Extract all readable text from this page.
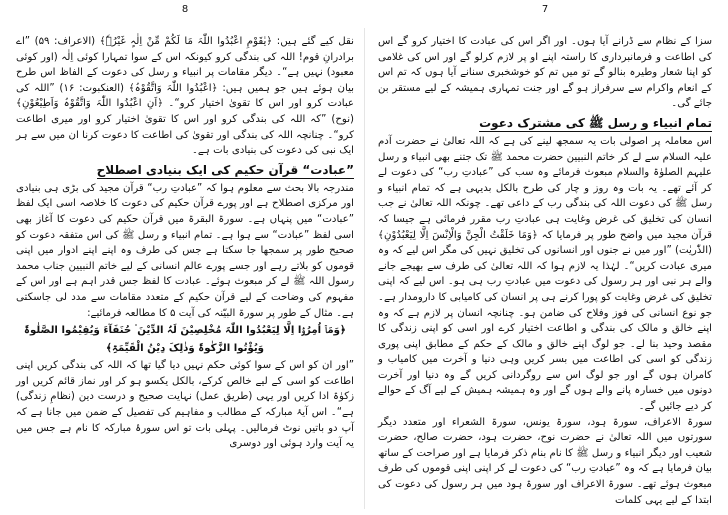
8

نقل کیے گئے ہیں: ﴿یٰقَوْمِ اعْبُدُوا اللّٰہَ مَا لَکُمْ مِّنْ اِلٰہٍ غَیْرُہٗ﴾ (الاعراف: ۵۹) ”اے برادرانِ قوم! اللہ کی بندگی کرو کیونکہ اس کے سوا تمہارا کوئی اِلٰہ (اور کوئی معبود) نہیں ہے“۔ دیگر مقامات پر انبیاء و رسل کی دعوت کے الفاظ اس طرح بیان ہوئے ہیں جو ہمیں ہیں: ﴿اعْبُدُوا اللّٰہَ وَاتَّقُوْہُ﴾ (العنکبوت: ۱۶) ”اللہ کی عبادت کرو اور اس کا تقویٰ اختیار کرو“۔ ﴿اَنِ اعْبُدُوا اللّٰہَ وَاتَّقُوْہُ وَاَطِیْعُوْنِ﴾ (نوح) ”کہ اللہ کی بندگی کرو اور اس کا تقویٰ اختیار کرو اور میری اطاعت کرو“۔ چنانچہ اللہ کی بندگی اور تقویٰ کی اطاعت کا دعوت کرنا ان میں سے ہر ایک نبی کی دعوت کی بنیادی بات ہے۔

”عبادت“ قرآن حکیم کی ایک بنیادی اصطلاح

مندرجہ بالا بحث سے معلوم ہوا کہ ”عبادتِ رب“ قرآن مجید کی بڑی ہی بنیادی اور مرکزی اصطلاح ہے اور پورے قرآن حکیم کی دعوت کا خلاصہ اسی ایک لفظ ”عبادت“ میں پنہاں ہے۔ سورۃ البقرۃ میں قرآن حکیم کی دعوت کا آغاز بھی اسی لفظ ”عبادت“ سے ہوا ہے۔ تمام انبیاء و رسل ﷺ کی اس متفقہ دعوت کو صحیح طور پر سمجھا جا سکتا ہے جس کی طرف وہ اپنے اپنے ادوار میں اپنی قوموں کو بلاتے رہے اور جسے پورے عالم انسانی کے لیے خاتم النبیین جناب محمد رسول اللہ ﷺ لے کر مبعوث ہوئے۔ عبادت کا لفظ جس قدر اہم ہے اور اس کے مفہوم کی وضاحت کے لیے قرآن حکیم کے متعدد مقامات سے مدد لی جاسکتی ہے۔ مثال کے طور پر سورۃ البیّنہ کی آیت ۵ کا مطالعہ فرمائیے:

﴿وَمَاۤ اُمِرُوْۤا اِلَّا لِیَعْبُدُوا اللّٰہَ مُخْلِصِیْنَ لَہُ الدِّیْنَ ۬ حُنَفَآءَ وَیُقِیْمُوا الصَّلٰوۃَ
وَیُؤْتُوا الزَّکٰوۃَ وَذٰلِکَ دِیْنُ الْقَیِّمَۃِ﴾

”اور ان کو اس کے سوا کوئی حکم نہیں دیا گیا تھا کہ اللہ کی بندگی کریں اپنی اطاعت کو اسی کے لیے خالص کرکے، بالکل یکسو ہو کر اور نماز قائم کریں اور زکوٰۃ ادا کریں اور یہی (طریق عمل) نہایت صحیح و درست دین (نظامِ زندگی) ہے“۔ اس آیۂ مبارکہ کے مطالب و مفاہیم کی تفصیل کے ضمن میں جانا ہے کہ آپ دو باتیں نوٹ فرمالیں۔ پہلی بات تو اس سورۂ مبارکہ کا نام ہے جس میں یہ آیت وارد ہوئی اور دوسری

7

سزا کے نظام سے ڈرانے آیا ہوں۔ اور اگر اس کی عبادت کا اختیار کرو گے اس کی اطاعت و فرمانبرداری کا راستہ اپنے او پر لازم کرلو گے اور اس کی غلامی کو اپنا شعار وطیرہ بنالو گے تو میں تم کو خوشخبری سنانے آیا ہوں کہ تم اس کے انعام واکرام سے سرفراز ہو گے اور جنت تمہاری ہمیشہ کے لیے مستقر بن جائے گی۔

تمام انبیاء و رسل ﷺ کی مشترک دعوت

اس معاملہ پر اصولی بات یہ سمجھ لینے کی ہے کہ اللہ تعالیٰ نے حضرت آدم علیہ السلام سے لے کر خاتم النبیین حضرت محمد ﷺ تک جتنے بھی انبیاء و رسل علیہم الصلوٰۃ والسلام مبعوث فرمائے وہ سب کی ”عبادتِ رب“ کی دعوت لے کر آئے تھے۔ یہ بات وہ روز و چار کی طرح بالکل بدیہی ہے کہ تمام انبیاء و رسل ﷺ کی دعوت اللہ کی بندگی رب کے داعی تھے۔ چونکہ اللہ تعالیٰ نے جب انسان کی تخلیق کی غرض وغایت ہی عبادتِ رب مقرر فرمائی ہے جیسا کہ قرآن مجید میں واضح طور پر فرمایا کہ ﴿وَمَا خَلَقْتُ الْجِنَّ وَالْاِنْسَ اِلَّا لِیَعْبُدُوْنِ﴾ (الذّٰریٰت) ”اور میں نے جنوں اور انسانوں کی تخلیق نہیں کی مگر اس لیے کہ وہ میری عبادت کریں“۔ لہٰذا یہ لازم ہوا کہ اللہ تعالیٰ کی طرف سے بھیجے جانے والے ہر نبی اور ہر رسول کی دعوت میں عبادتِ رب ہی ہو۔ اس لیے کہ اپنی تخلیق کی غرض وغایت کو پورا کرنے ہی پر انسان کی کامیابی کا دارومدار ہے۔ جو نوع انسانی کی فوز وفلاح کی ضامن ہو۔ چنانچہ انسان پر لازم ہے کہ وہ اپنے خالق و مالک کی بندگی و اطاعت اختیار کرے اور اسی کو اپنی زندگی کا مقصد وحید بنا لے۔ جو لوگ اپنے خالق و مالک کے حکم کے مطابق اپنی پوری زندگی کو اسی کی اطاعت میں بسر کریں وہی دنیا و آخرت میں کامیاب و کامران ہوں گے اور جو لوگ اس سے روگردانی کریں گے وہ دنیا اور آخرت دونوں میں خسارہ پانے والے ہوں گے اور وہ ہمیشہ ہمیش کے لیے آگ کے حوالے کر دیے جائیں گے۔

سورۃ الاعراف، سورۃ ہود، سورۃ یونس، سورۃ الشعراء اور متعدد دیگر سورتوں میں اللہ تعالیٰ نے حضرت نوح، حضرت ہود، حضرت صالح، حضرت شعیب اور دیگر انبیاء و رسل ﷺ کا نام بنام ذکر فرمایا ہے اور صراحت کے ساتھ بیان فرمایا ہے کہ وہ ”عبادتِ رب“ کی دعوت لے کر اپنی اپنی قوموں کی طرف مبعوث ہوئے تھے۔ سورۃ الاعراف اور سورۃ ہود میں ہر رسول کی دعوت کی ابتدا کے لیے یہی کلمات
